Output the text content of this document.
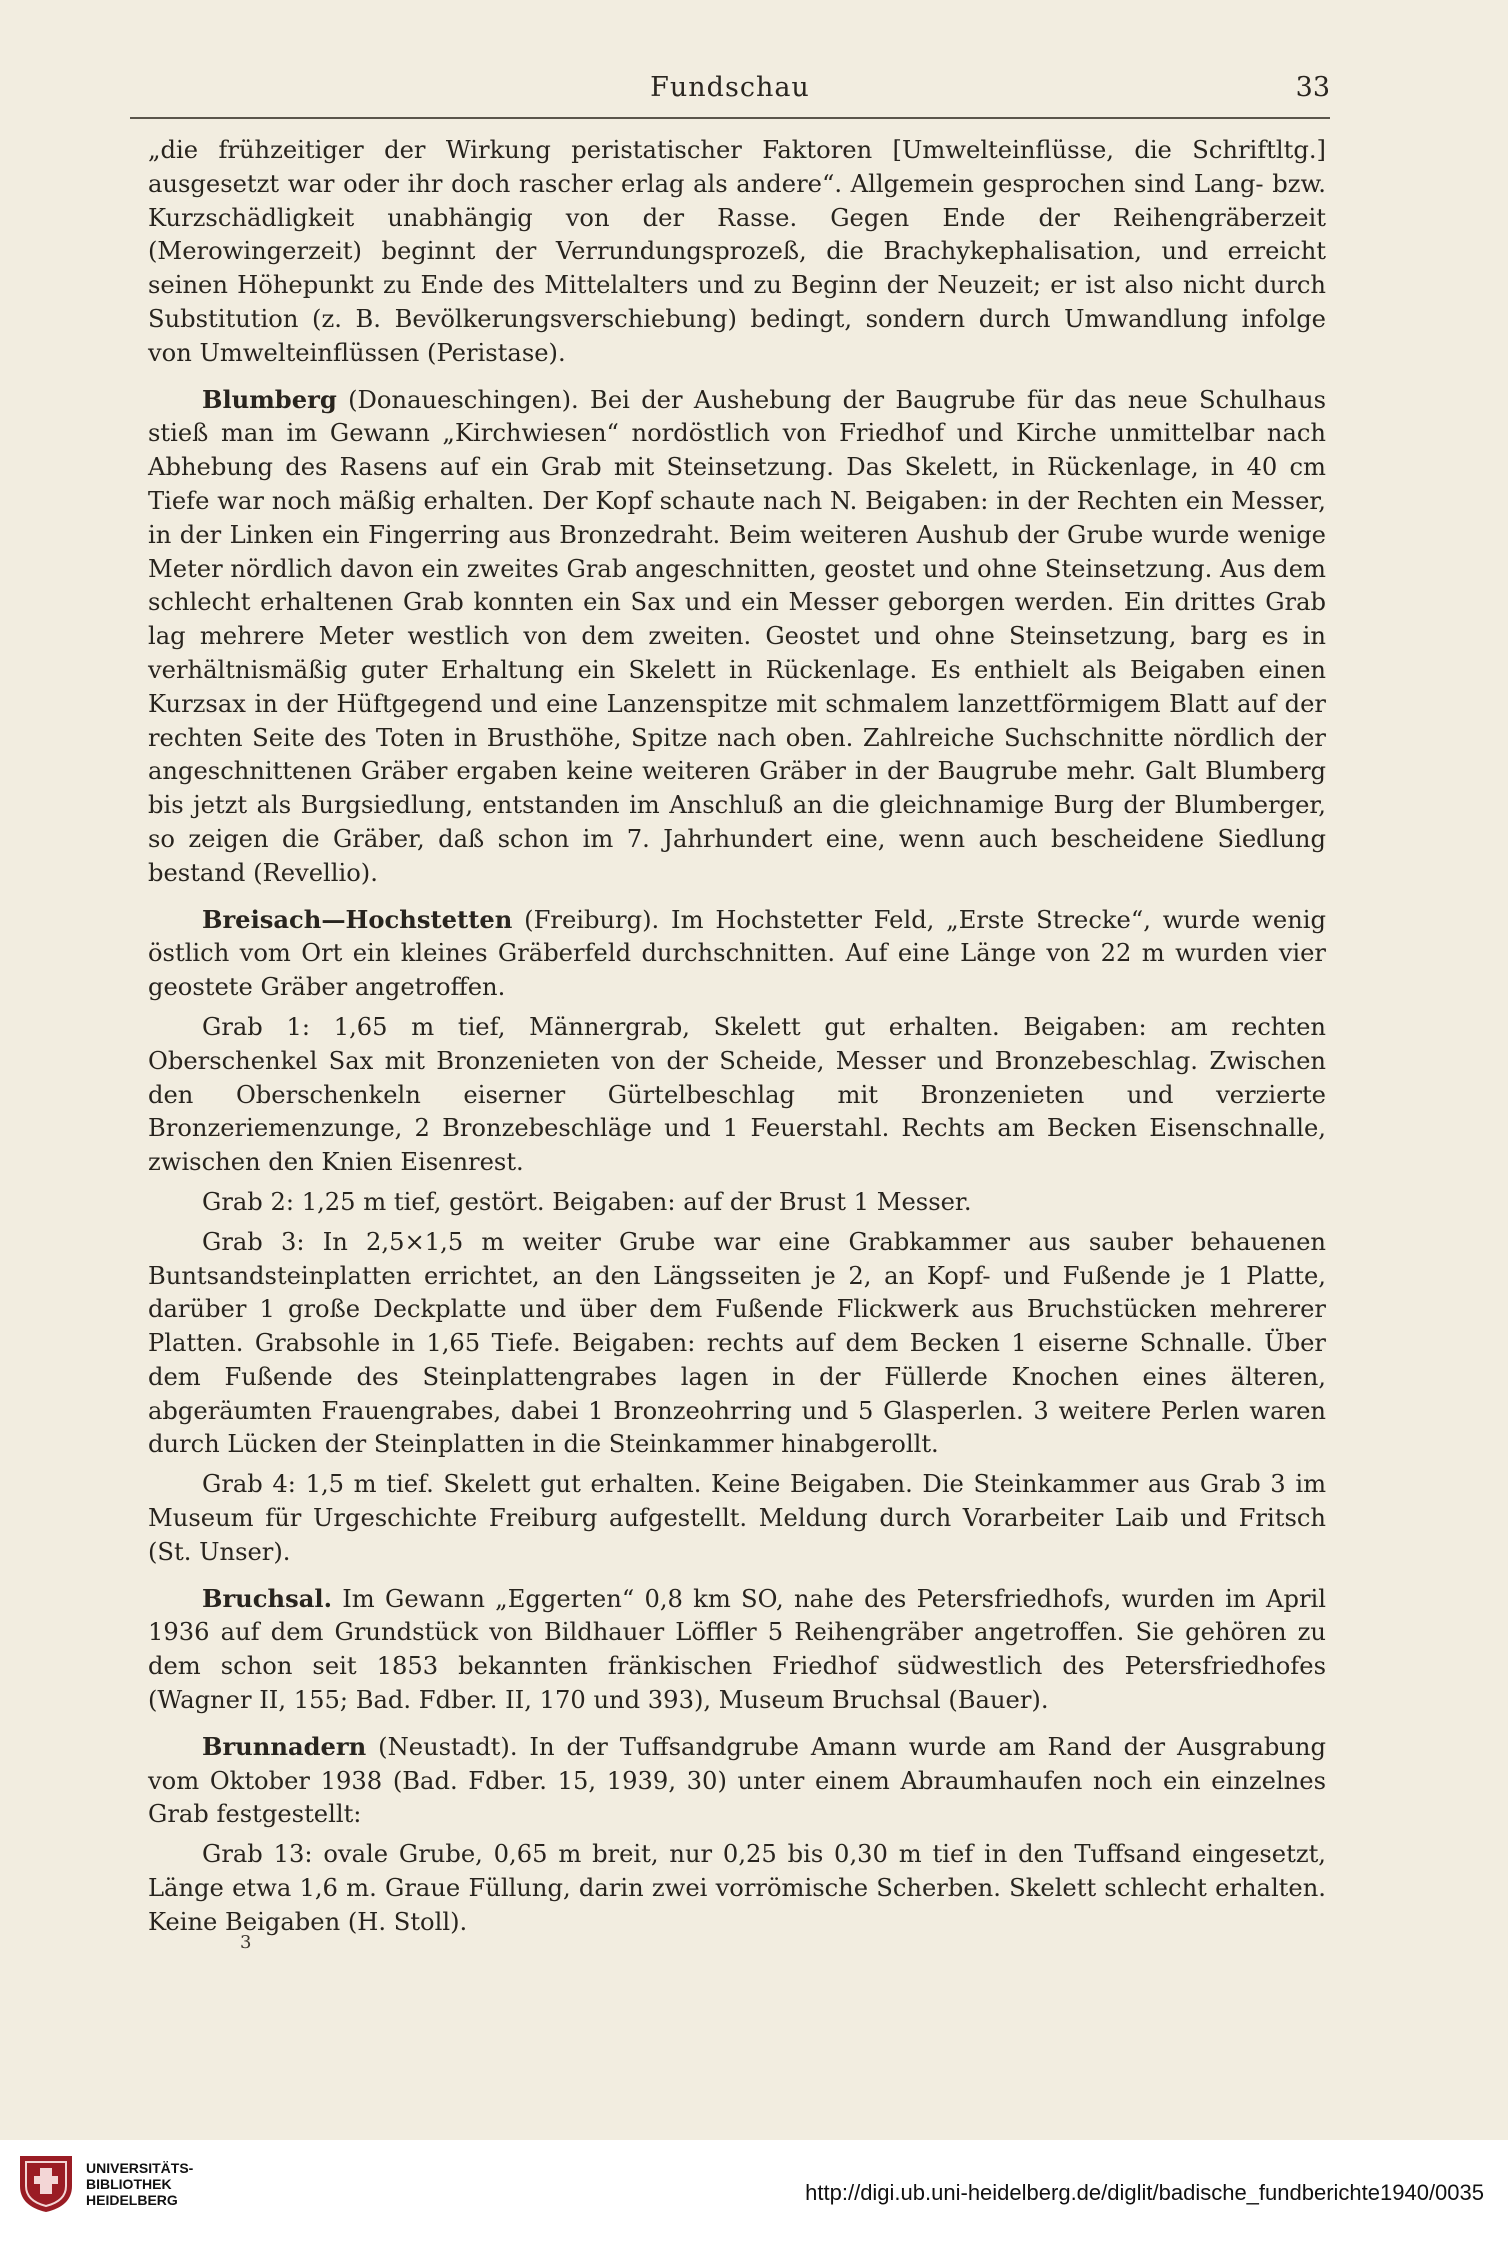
Fundschau	33

„die frühzeitiger der Wirkung peristatischer Faktoren [Umwelteinflüsse, die Schriftltg.] ausgesetzt war oder ihr doch rascher erlag als andere“. Allgemein gesprochen sind Lang- bzw. Kurzschädligkeit unabhängig von der Rasse. Gegen Ende der Reihengräberzeit (Merowingerzeit) beginnt der Verrundungsprozeß, die Brachykephalisation, und erreicht seinen Höhepunkt zu Ende des Mittelalters und zu Beginn der Neuzeit; er ist also nicht durch Substitution (z. B. Bevölkerungsverschiebung) bedingt, sondern durch Umwandlung infolge von Umwelteinflüssen (Peristase).

Blumberg (Donaueschingen). Bei der Aushebung der Baugrube für das neue Schulhaus stieß man im Gewann „Kirchwiesen“ nordöstlich von Friedhof und Kirche unmittelbar nach Abhebung des Rasens auf ein Grab mit Steinsetzung. Das Skelett, in Rückenlage, in 40 cm Tiefe war noch mäßig erhalten. Der Kopf schaute nach N. Beigaben: in der Rechten ein Messer, in der Linken ein Fingerring aus Bronzedraht. Beim weiteren Aushub der Grube wurde wenige Meter nördlich davon ein zweites Grab angeschnitten, geostet und ohne Steinsetzung. Aus dem schlecht erhaltenen Grab konnten ein Sax und ein Messer geborgen werden. Ein drittes Grab lag mehrere Meter westlich von dem zweiten. Geostet und ohne Steinsetzung, barg es in verhältnismäßig guter Erhaltung ein Skelett in Rückenlage. Es enthielt als Beigaben einen Kurzsax in der Hüftgegend und eine Lanzenspitze mit schmalem lanzettförmigem Blatt auf der rechten Seite des Toten in Brusthöhe, Spitze nach oben. Zahlreiche Suchschnitte nördlich der angeschnittenen Gräber ergaben keine weiteren Gräber in der Baugrube mehr. Galt Blumberg bis jetzt als Burgsiedlung, entstanden im Anschluß an die gleichnamige Burg der Blumberger, so zeigen die Gräber, daß schon im 7. Jahrhundert eine, wenn auch bescheidene Siedlung bestand (Revellio).

Breisach—Hochstetten (Freiburg). Im Hochstetter Feld, „Erste Strecke“, wurde wenig östlich vom Ort ein kleines Gräberfeld durchschnitten. Auf eine Länge von 22 m wurden vier geostete Gräber angetroffen.

Grab 1: 1,65 m tief, Männergrab, Skelett gut erhalten. Beigaben: am rechten Oberschenkel Sax mit Bronzenieten von der Scheide, Messer und Bronzebeschlag. Zwischen den Oberschenkeln eiserner Gürtelbeschlag mit Bronzenieten und verzierte Bronzeriemenzunge, 2 Bronzebeschläge und 1 Feuerstahl. Rechts am Becken Eisenschnalle, zwischen den Knien Eisenrest.

Grab 2: 1,25 m tief, gestört. Beigaben: auf der Brust 1 Messer.

Grab 3: In 2,5×1,5 m weiter Grube war eine Grabkammer aus sauber behauenen Buntsandsteinplatten errichtet, an den Längsseiten je 2, an Kopf- und Fußende je 1 Platte, darüber 1 große Deckplatte und über dem Fußende Flickwerk aus Bruchstücken mehrerer Platten. Grabsohle in 1,65 Tiefe. Beigaben: rechts auf dem Becken 1 eiserne Schnalle. Über dem Fußende des Steinplattengrabes lagen in der Füllerde Knochen eines älteren, abgeräumten Frauengrabes, dabei 1 Bronzeohrring und 5 Glasperlen. 3 weitere Perlen waren durch Lücken der Steinplatten in die Steinkammer hinabgerollt.

Grab 4: 1,5 m tief. Skelett gut erhalten. Keine Beigaben. Die Steinkammer aus Grab 3 im Museum für Urgeschichte Freiburg aufgestellt. Meldung durch Vorarbeiter Laib und Fritsch (St. Unser).

Bruchsal. Im Gewann „Eggerten“ 0,8 km SO, nahe des Petersfriedhofs, wurden im April 1936 auf dem Grundstück von Bildhauer Löffler 5 Reihengräber angetroffen. Sie gehören zu dem schon seit 1853 bekannten fränkischen Friedhof südwestlich des Petersfriedhofes (Wagner II, 155; Bad. Fdber. II, 170 und 393), Museum Bruchsal (Bauer).

Brunnadern (Neustadt). In der Tuffsandgrube Amann wurde am Rand der Ausgrabung vom Oktober 1938 (Bad. Fdber. 15, 1939, 30) unter einem Abraumhaufen noch ein einzelnes Grab festgestellt:

Grab 13: ovale Grube, 0,65 m breit, nur 0,25 bis 0,30 m tief in den Tuffsand eingesetzt, Länge etwa 1,6 m. Graue Füllung, darin zwei vorrömische Scherben. Skelett schlecht erhalten. Keine Beigaben (H. Stoll).

3
UNIVERSITÄTS-
BIBLIOTHEK
HEIDELBERG	http://digi.ub.uni-heidelberg.de/diglit/badische_fundberichte1940/0035
